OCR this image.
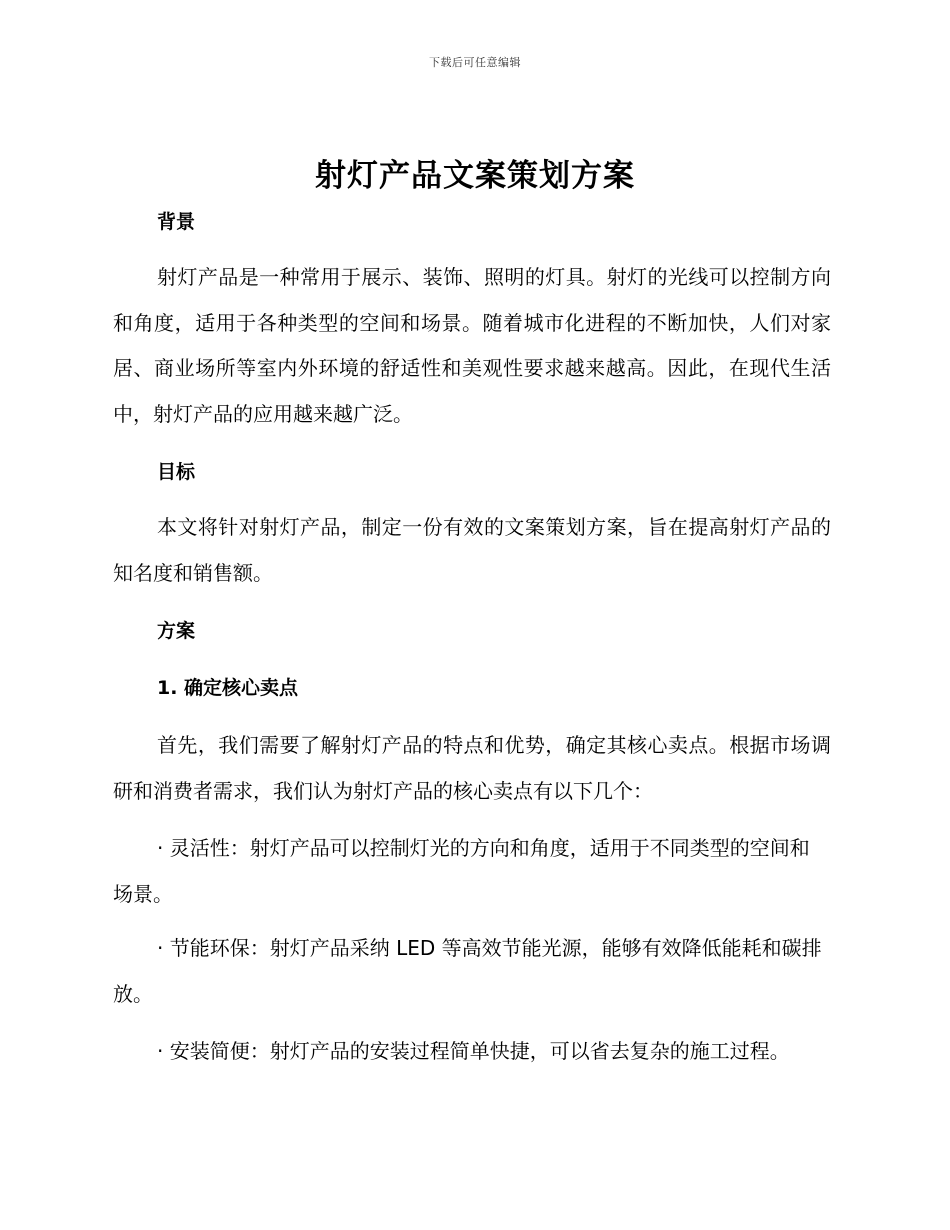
下载后可任意编辑
射灯产品文案策划方案
背景

射灯产品是一种常用于展示、装饰、照明的灯具。射灯的光线可以控制方向和角度，适用于各种类型的空间和场景。随着城市化进程的不断加快，人们对家居、商业场所等室内外环境的舒适性和美观性要求越来越高。因此，在现代生活中，射灯产品的应用越来越广泛。

目标

本文将针对射灯产品，制定一份有效的文案策划方案，旨在提高射灯产品的知名度和销售额。

方案
1. 确定核心卖点

首先，我们需要了解射灯产品的特点和优势，确定其核心卖点。根据市场调研和消费者需求，我们认为射灯产品的核心卖点有以下几个：

· 灵活性：射灯产品可以控制灯光的方向和角度，适用于不同类型的空间和场景。

· 节能环保：射灯产品采纳 LED 等高效节能光源，能够有效降低能耗和碳排放。

· 安装简便：射灯产品的安装过程简单快捷，可以省去复杂的施工过程。
